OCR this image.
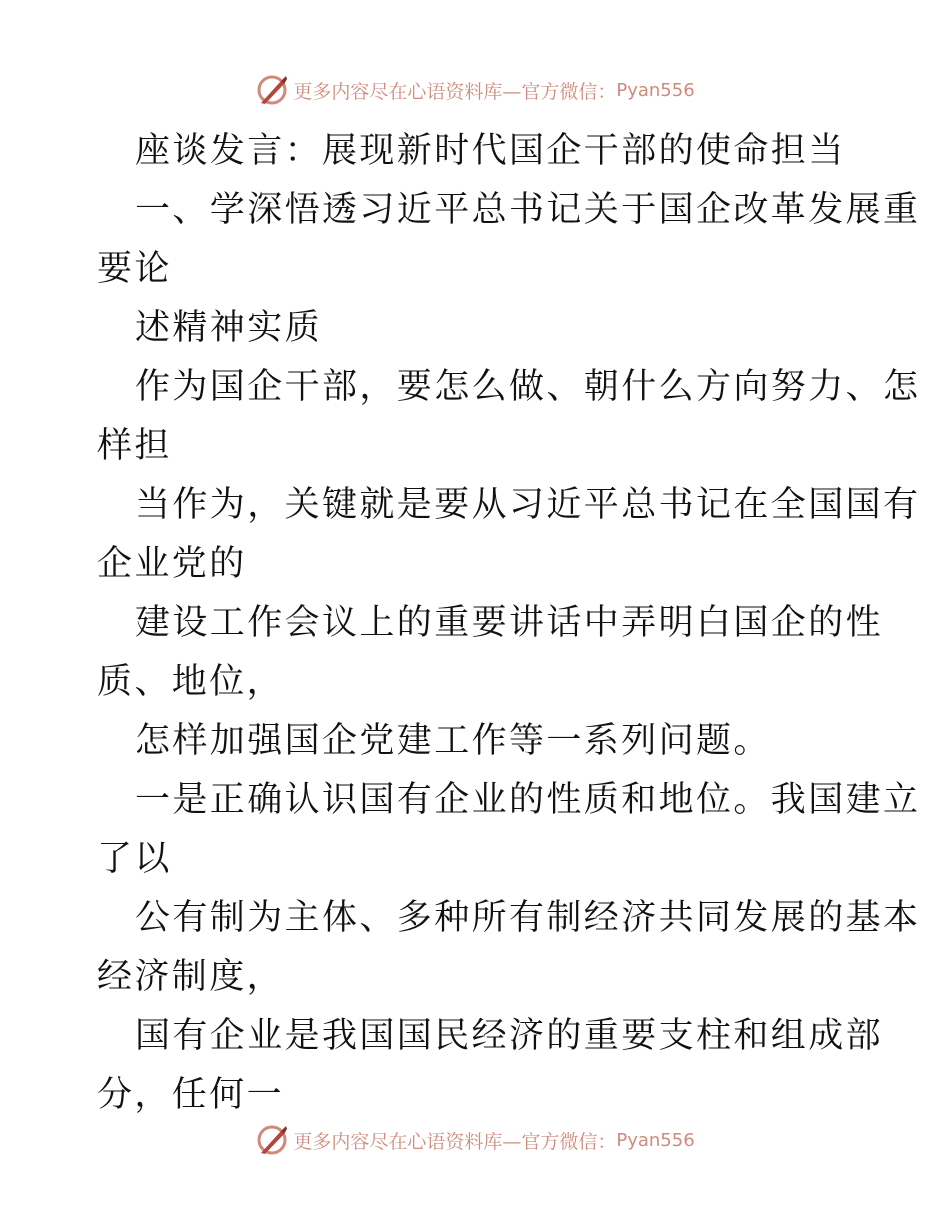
更多内容尽在心语资料库—官方微信： Pyan556
座谈发言：展现新时代国企干部的使命担当
一、学深悟透习近平总书记关于国企改革发展重
要论
述精神实质
作为国企干部，要怎么做、朝什么方向努力、怎
样担
当作为，关键就是要从习近平总书记在全国国有
企业党的
建设工作会议上的重要讲话中弄明白国企的性
质、地位，
怎样加强国企党建工作等一系列问题。
一是正确认识国有企业的性质和地位。我国建立
了以
公有制为主体、多种所有制经济共同发展的基本
经济制度，
国有企业是我国国民经济的重要支柱和组成部
分，任何一
更多内容尽在心语资料库—官方微信： Pyan556
